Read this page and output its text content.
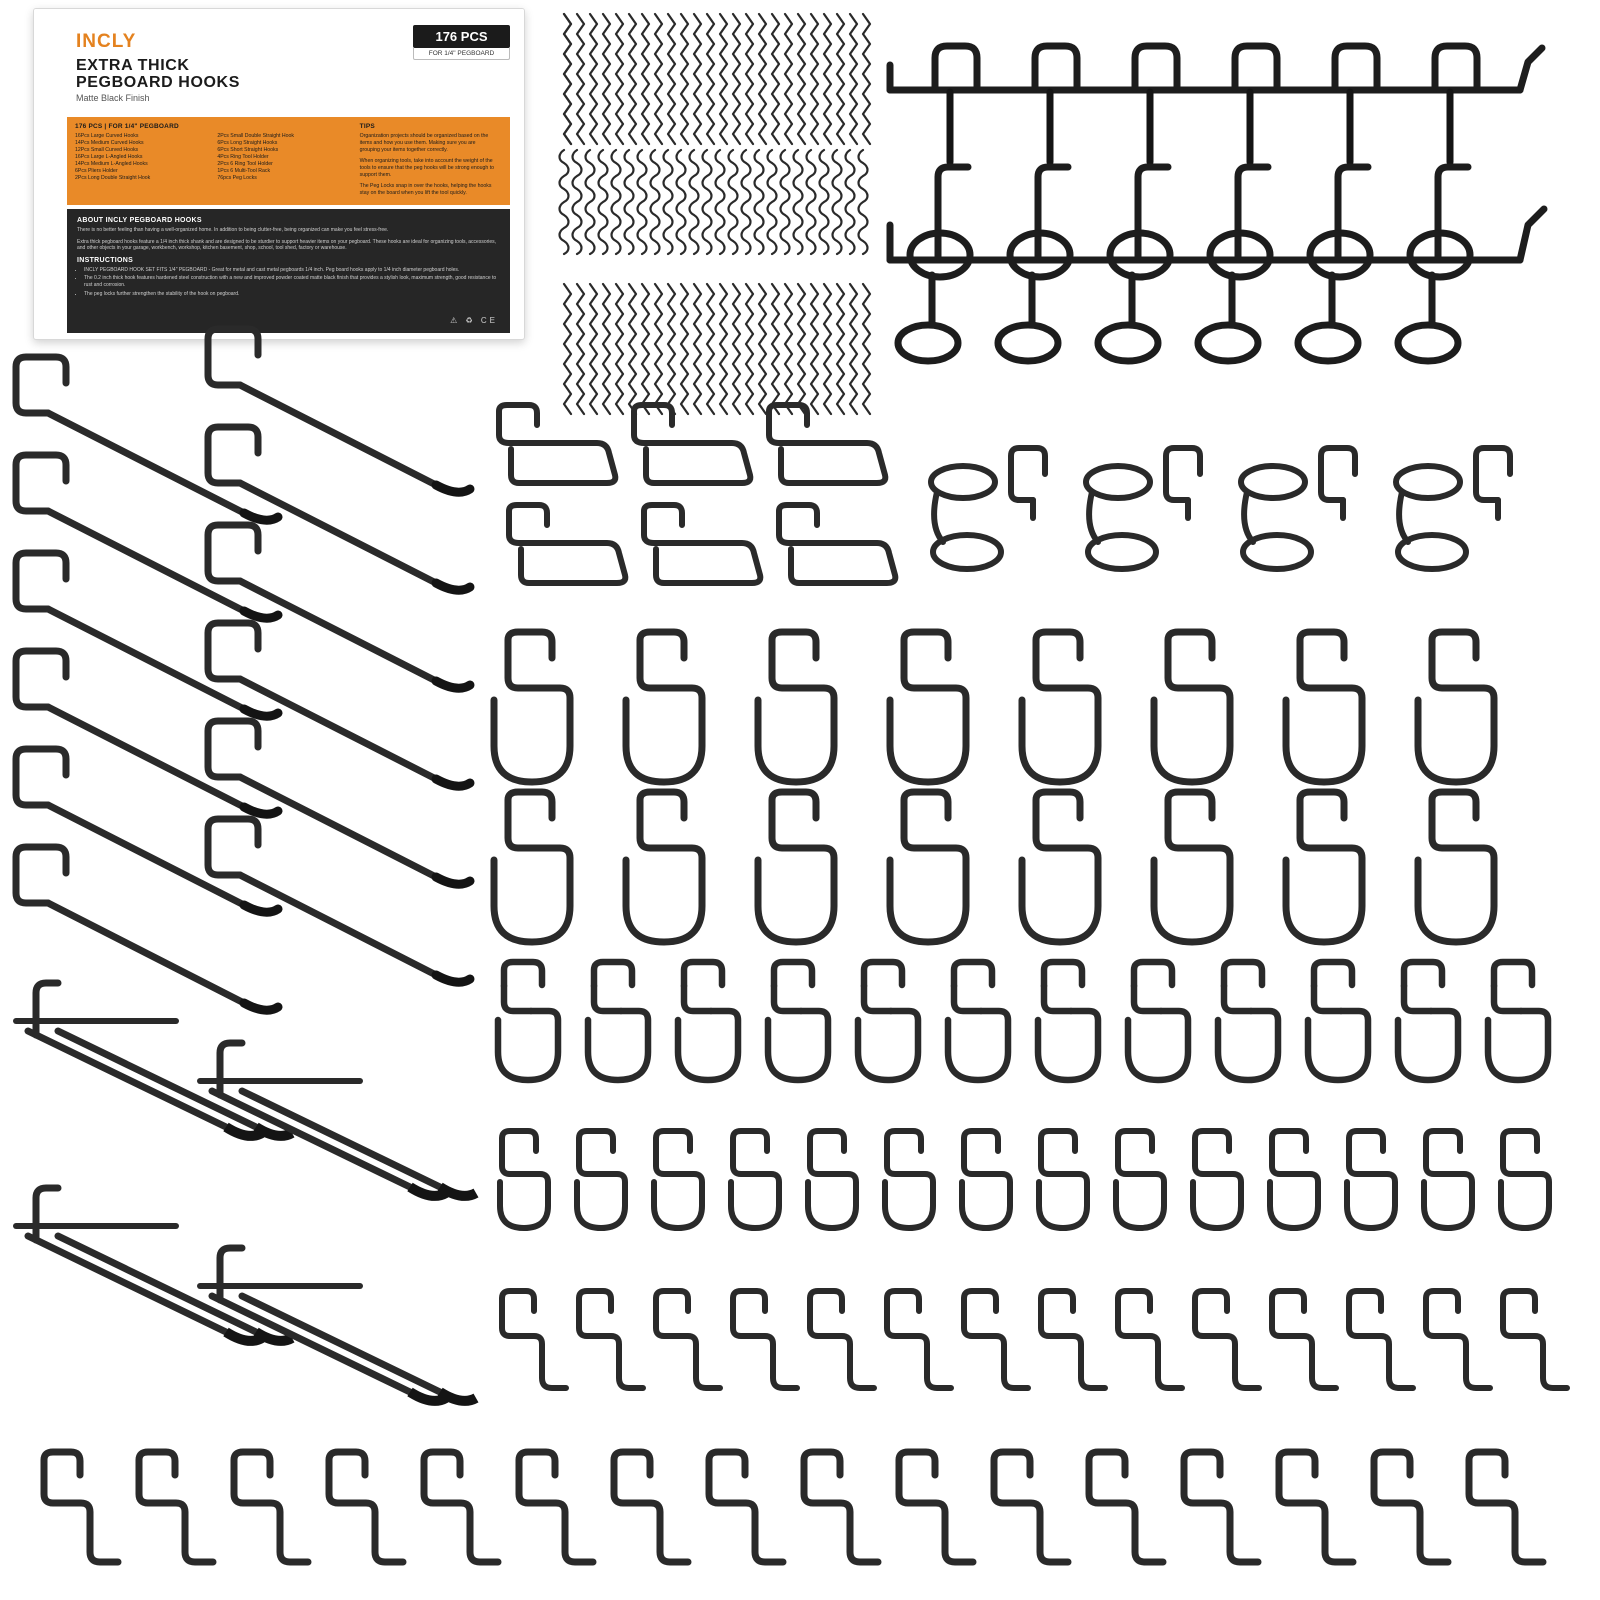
INCLY
EXTRA THICK
PEGBOARD HOOKS
Matte Black Finish
176 PCS
FOR 1/4" PEGBOARD
176 PCS | FOR 1/4" PEGBOARD
16Pcs Large Curved Hooks
14Pcs Medium Curved Hooks
12Pcs Small Curved Hooks
16Pcs Large L-Angled Hooks
14Pcs Medium L-Angled Hooks
6Pcs Pliers Holder
2Pcs Long Double Straight Hook

2Pcs Small Double Straight Hook
6Pcs Long Straight Hooks
6Pcs Short Straight Hooks
4Pcs Ring Tool Holder
2Pcs 6 Ring Tool Holder
1Pcs 6 Multi-Tool Rack
76pcs Peg Locks
TIPS

Organization projects should be organized based on the items and how you use them. Making sure you are grouping your items together correctly.

When organizing tools, take into account the weight of the tools to ensure that the peg hooks will be strong enough to support them.

The Peg Locks snap in over the hooks, helping the hooks stay on the board when you lift the tool quickly.

ABOUT INCLY PEGBOARD HOOKS

There is no better feeling than having a well-organized home. In addition to being clutter-free, being organized can make you feel stress-free.

Extra thick pegboard hooks feature a 1/4 inch thick shank and are designed to be sturdier to support heavier items on your pegboard. These hooks are ideal for organizing tools, accessories, and other objects in your garage, workbench, workshop, kitchen basement, shop, school, tool shed, factory or warehouse.

INSTRUCTIONS
• INCLY PEGBOARD HOOK SET FITS 1/4" PEGBOARD - Great for metal and cast metal pegboards 1/4 inch. Peg board hooks apply to 1/4 inch diameter pegboard holes.
• The 0.2 inch thick hook features hardened steel construction with a new and improved powder coated matte black finish that provides a stylish look, maximum strength, good resistance to rust and corrosion.
• The peg locks further strengthen the stability of the hook on pegboard.
⚠ ♻ CE
